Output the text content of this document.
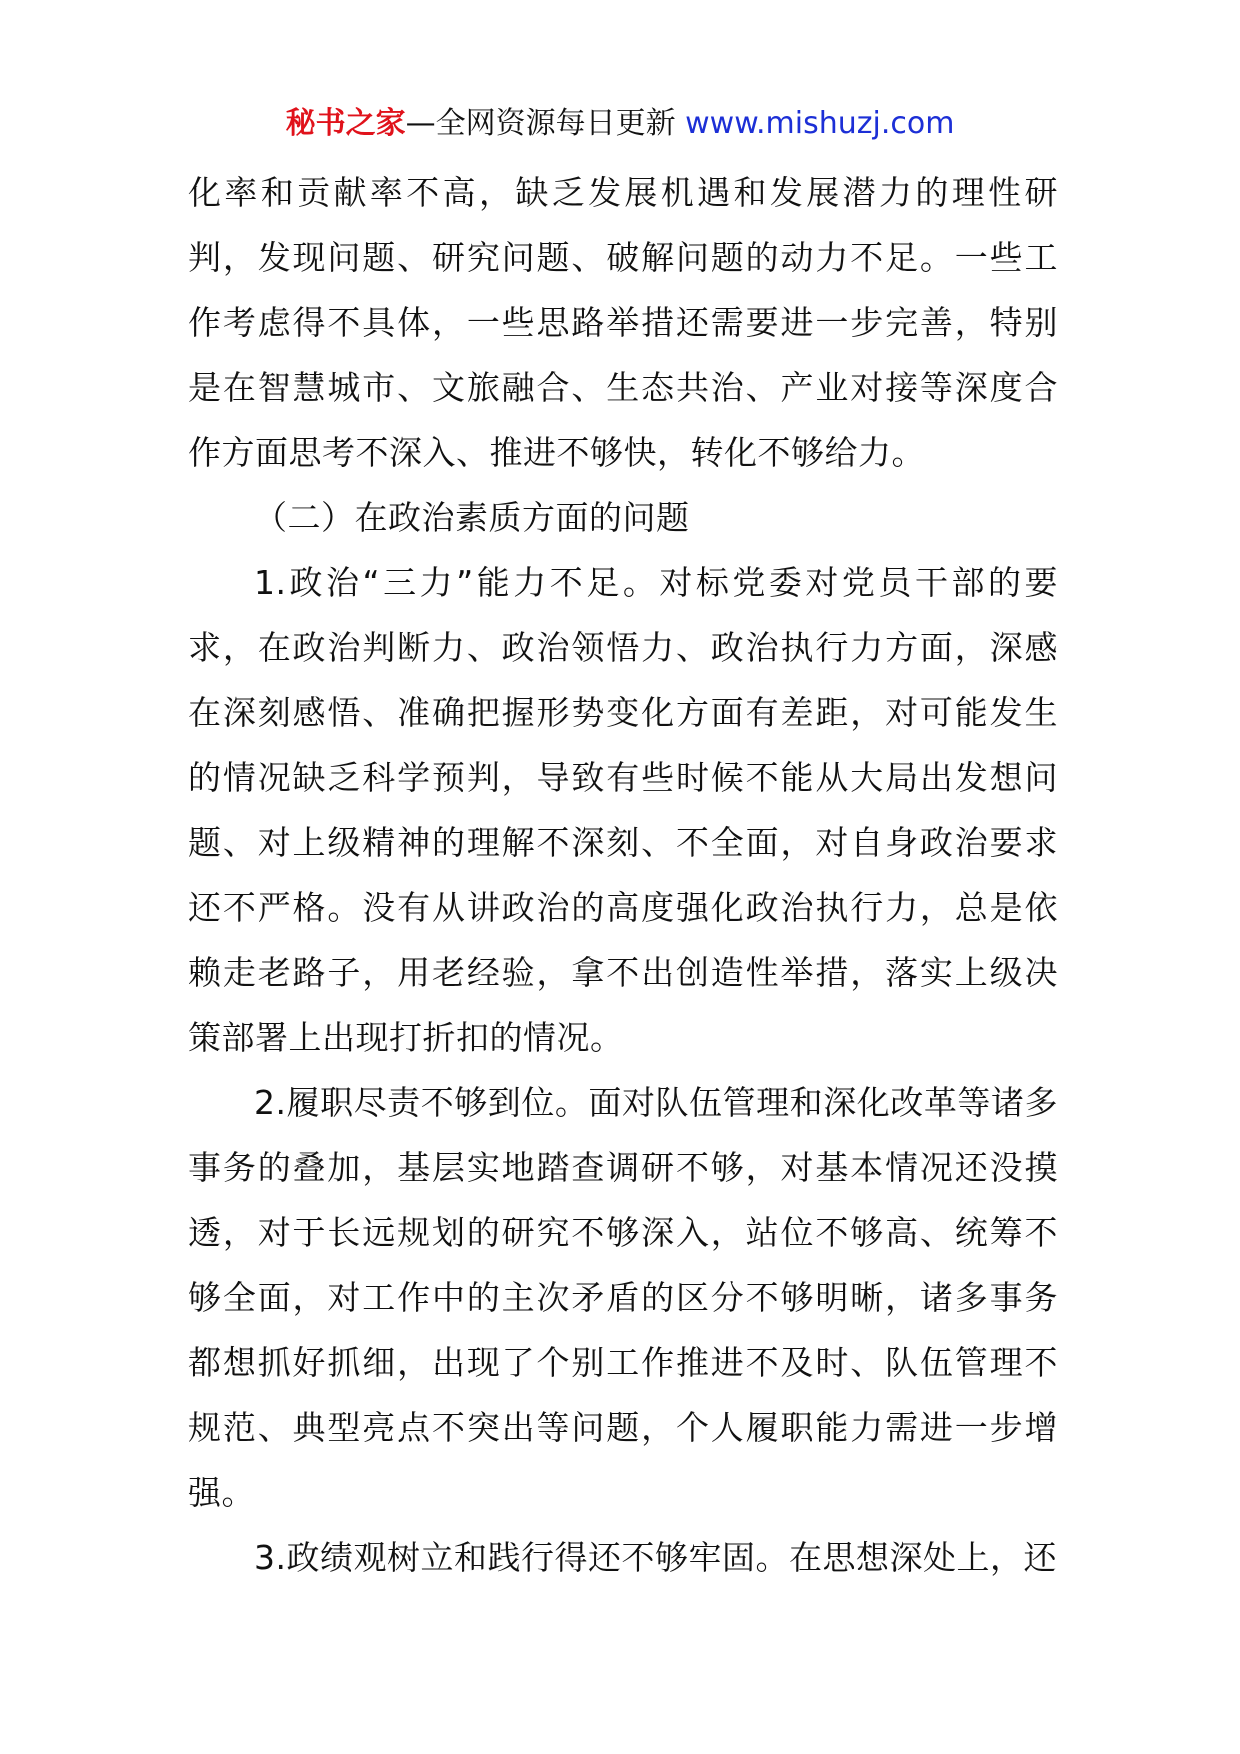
秘书之家—全网资源每日更新 www.mishuzj.com

化率和贡献率不高，缺乏发展机遇和发展潜力的理性研判，发现问题、研究问题、破解问题的动力不足。一些工作考虑得不具体，一些思路举措还需要进一步完善，特别是在智慧城市、文旅融合、生态共治、产业对接等深度合作方面思考不深入、推进不够快，转化不够给力。

（二）在政治素质方面的问题

1.政治“三力”能力不足。对标党委对党员干部的要求，在政治判断力、政治领悟力、政治执行力方面，深感在深刻感悟、准确把握形势变化方面有差距，对可能发生的情况缺乏科学预判，导致有些时候不能从大局出发想问题、对上级精神的理解不深刻、不全面，对自身政治要求还不严格。没有从讲政治的高度强化政治执行力，总是依赖走老路子，用老经验，拿不出创造性举措，落实上级决策部署上出现打折扣的情况。

2.履职尽责不够到位。面对队伍管理和深化改革等诸多事务的叠加，基层实地踏查调研不够，对基本情况还没摸透，对于长远规划的研究不够深入，站位不够高、统筹不够全面，对工作中的主次矛盾的区分不够明晰，诸多事务都想抓好抓细，出现了个别工作推进不及时、队伍管理不规范、典型亮点不突出等问题，个人履职能力需进一步增强。

3.政绩观树立和践行得还不够牢固。在思想深处上，还
